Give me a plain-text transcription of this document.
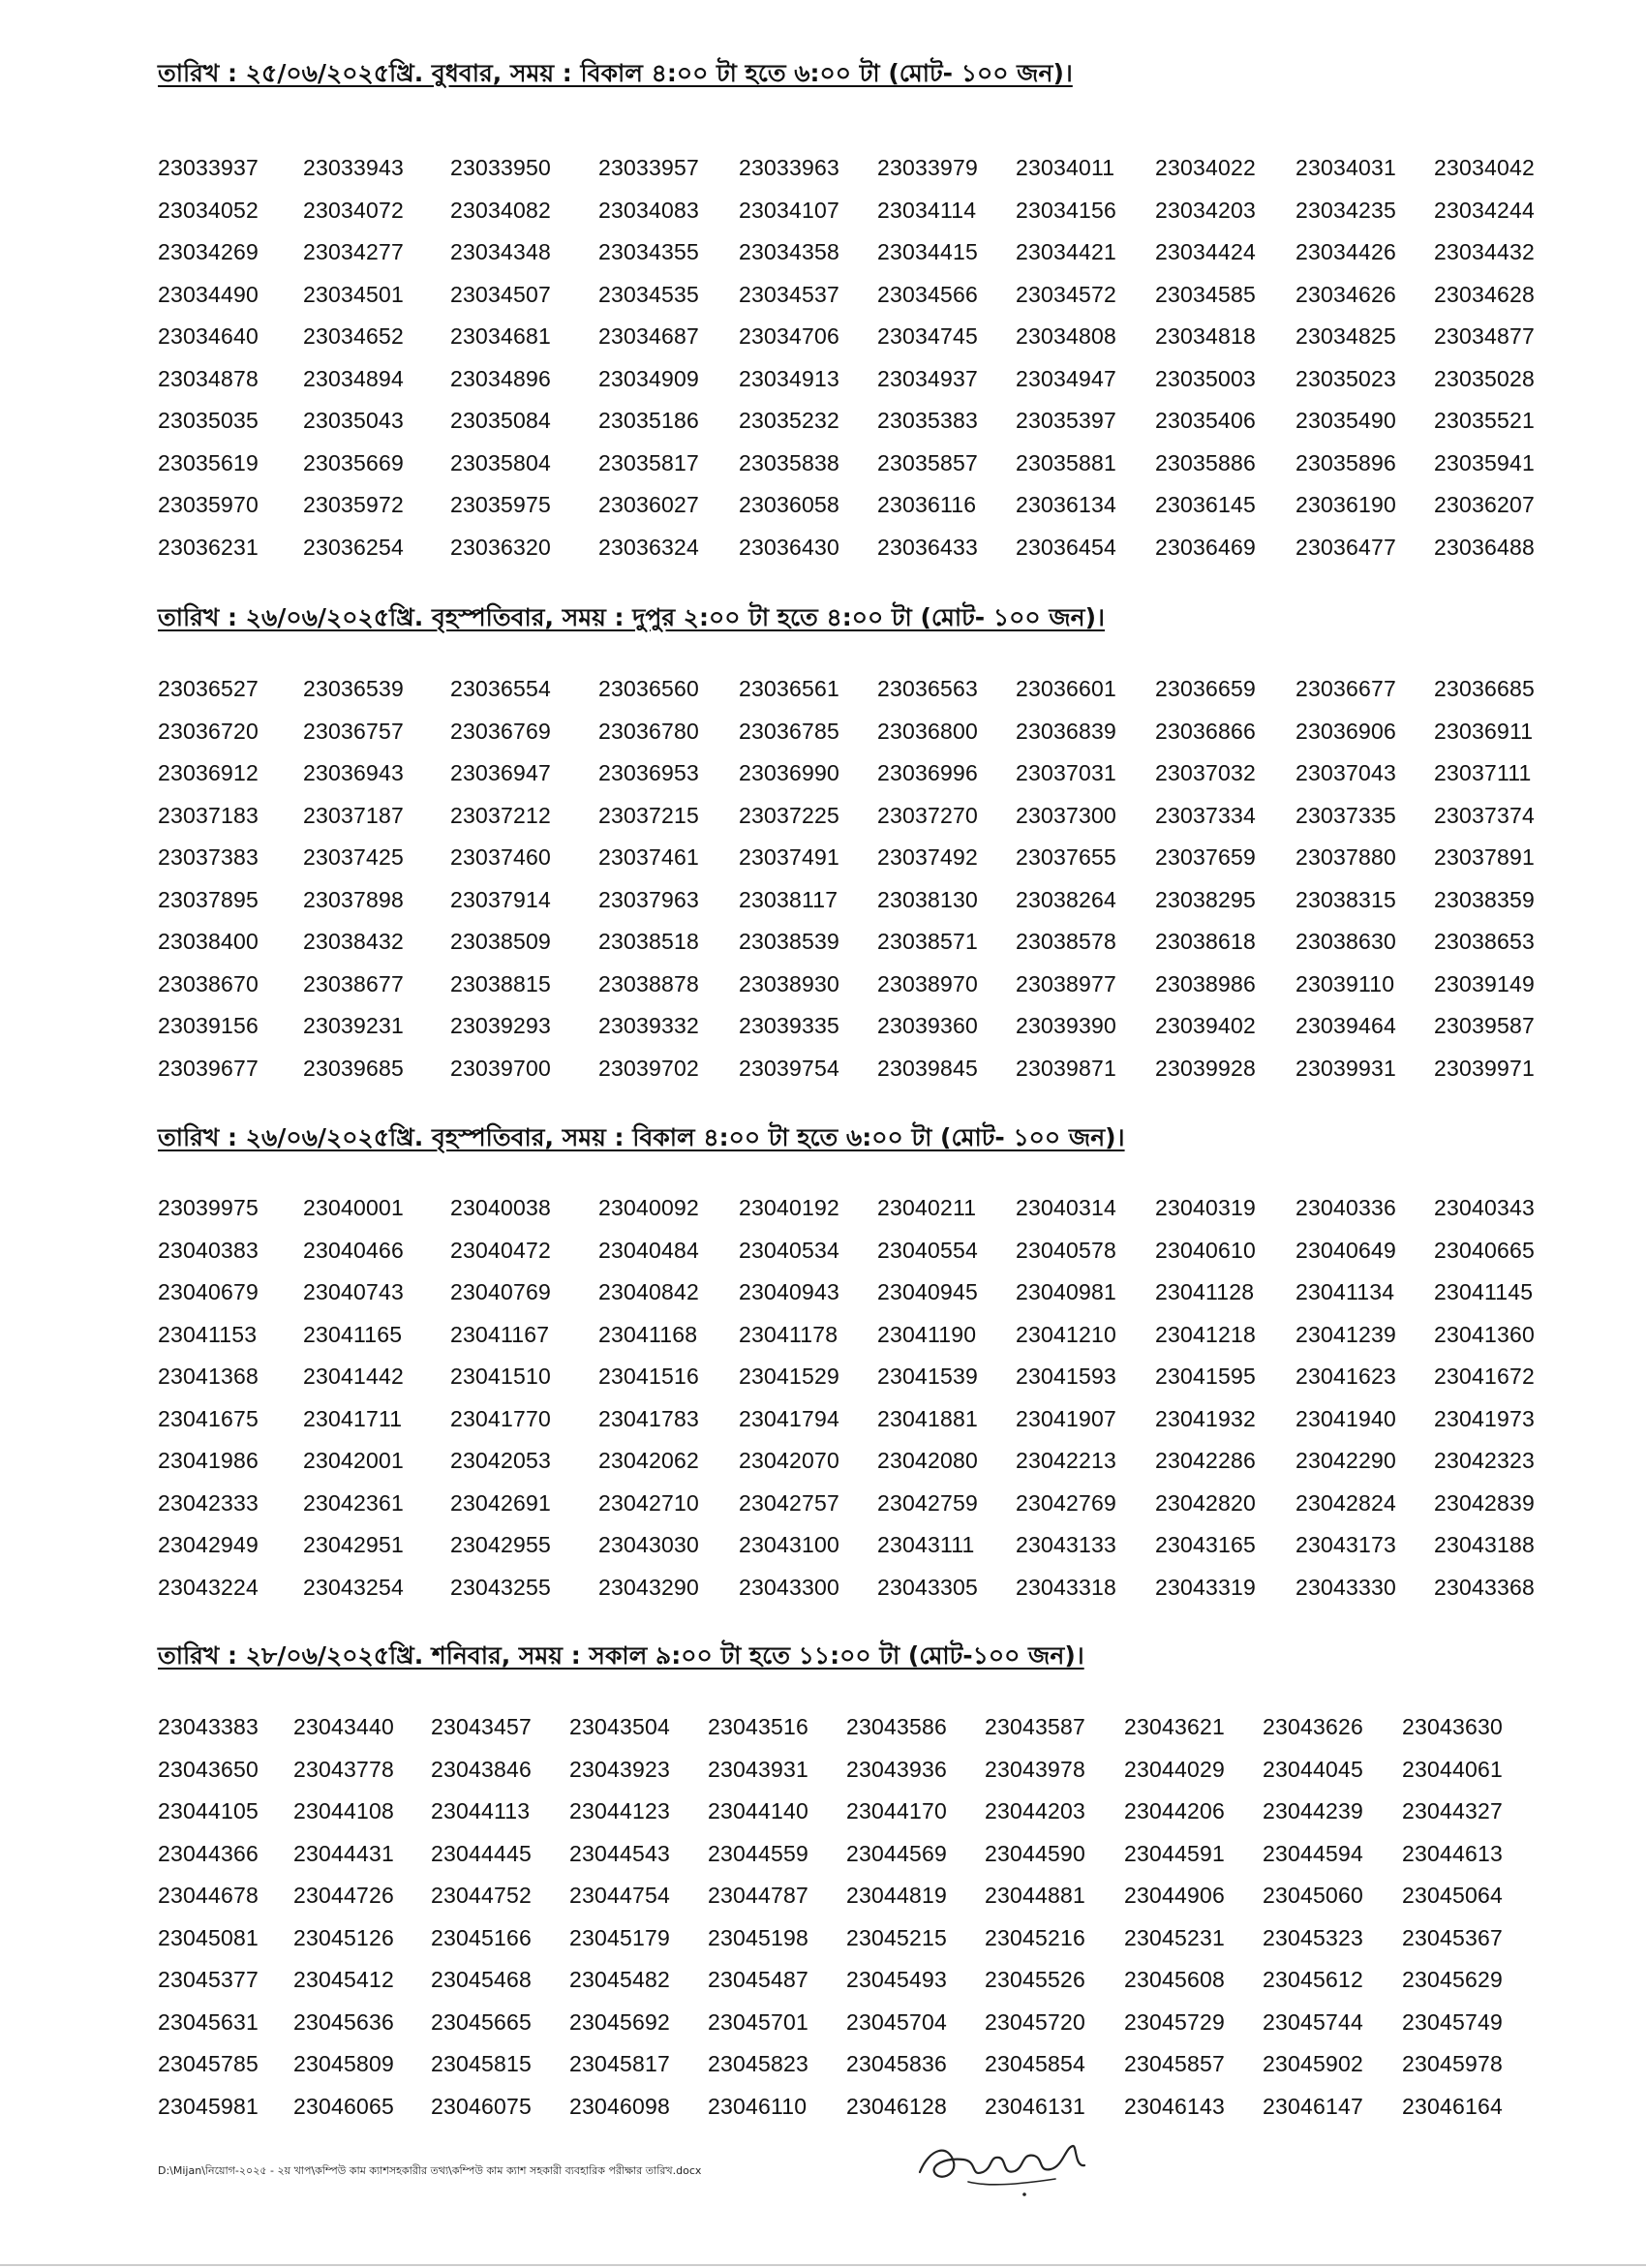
তারিখ : ২৫/০৬/২০২৫খ্রি. বুধবার, সময় : বিকাল ৪:০০ টা হতে ৬:০০ টা (মোট- ১০০ জন)।
23033937 23033943 23033950 23033957 23033963 23033979 23034011 23034022 23034031 23034042
23034052 23034072 23034082 23034083 23034107 23034114 23034156 23034203 23034235 23034244
23034269 23034277 23034348 23034355 23034358 23034415 23034421 23034424 23034426 23034432
23034490 23034501 23034507 23034535 23034537 23034566 23034572 23034585 23034626 23034628
23034640 23034652 23034681 23034687 23034706 23034745 23034808 23034818 23034825 23034877
23034878 23034894 23034896 23034909 23034913 23034937 23034947 23035003 23035023 23035028
23035035 23035043 23035084 23035186 23035232 23035383 23035397 23035406 23035490 23035521
23035619 23035669 23035804 23035817 23035838 23035857 23035881 23035886 23035896 23035941
23035970 23035972 23035975 23036027 23036058 23036116 23036134 23036145 23036190 23036207
23036231 23036254 23036320 23036324 23036430 23036433 23036454 23036469 23036477 23036488
তারিখ : ২৬/০৬/২০২৫খ্রি. বৃহস্পতিবার, সময় : দুপুর ২:০০ টা হতে ৪:০০ টা (মোট- ১০০ জন)।
23036527 23036539 23036554 23036560 23036561 23036563 23036601 23036659 23036677 23036685
23036720 23036757 23036769 23036780 23036785 23036800 23036839 23036866 23036906 23036911
23036912 23036943 23036947 23036953 23036990 23036996 23037031 23037032 23037043 23037111
23037183 23037187 23037212 23037215 23037225 23037270 23037300 23037334 23037335 23037374
23037383 23037425 23037460 23037461 23037491 23037492 23037655 23037659 23037880 23037891
23037895 23037898 23037914 23037963 23038117 23038130 23038264 23038295 23038315 23038359
23038400 23038432 23038509 23038518 23038539 23038571 23038578 23038618 23038630 23038653
23038670 23038677 23038815 23038878 23038930 23038970 23038977 23038986 23039110 23039149
23039156 23039231 23039293 23039332 23039335 23039360 23039390 23039402 23039464 23039587
23039677 23039685 23039700 23039702 23039754 23039845 23039871 23039928 23039931 23039971
তারিখ : ২৬/০৬/২০২৫খ্রি. বৃহস্পতিবার, সময় : বিকাল ৪:০০ টা হতে ৬:০০ টা (মোট- ১০০ জন)।
23039975 23040001 23040038 23040092 23040192 23040211 23040314 23040319 23040336 23040343
23040383 23040466 23040472 23040484 23040534 23040554 23040578 23040610 23040649 23040665
23040679 23040743 23040769 23040842 23040943 23040945 23040981 23041128 23041134 23041145
23041153 23041165 23041167 23041168 23041178 23041190 23041210 23041218 23041239 23041360
23041368 23041442 23041510 23041516 23041529 23041539 23041593 23041595 23041623 23041672
23041675 23041711 23041770 23041783 23041794 23041881 23041907 23041932 23041940 23041973
23041986 23042001 23042053 23042062 23042070 23042080 23042213 23042286 23042290 23042323
23042333 23042361 23042691 23042710 23042757 23042759 23042769 23042820 23042824 23042839
23042949 23042951 23042955 23043030 23043100 23043111 23043133 23043165 23043173 23043188
23043224 23043254 23043255 23043290 23043300 23043305 23043318 23043319 23043330 23043368
তারিখ : ২৮/০৬/২০২৫খ্রি. শনিবার, সময় : সকাল ৯:০০ টা হতে ১১:০০ টা (মোট-১০০ জন)।
23043383 23043440 23043457 23043504 23043516 23043586 23043587 23043621 23043626 23043630
23043650 23043778 23043846 23043923 23043931 23043936 23043978 23044029 23044045 23044061
23044105 23044108 23044113 23044123 23044140 23044170 23044203 23044206 23044239 23044327
23044366 23044431 23044445 23044543 23044559 23044569 23044590 23044591 23044594 23044613
23044678 23044726 23044752 23044754 23044787 23044819 23044881 23044906 23045060 23045064
23045081 23045126 23045166 23045179 23045198 23045215 23045216 23045231 23045323 23045367
23045377 23045412 23045468 23045482 23045487 23045493 23045526 23045608 23045612 23045629
23045631 23045636 23045665 23045692 23045701 23045704 23045720 23045729 23045744 23045749
23045785 23045809 23045815 23045817 23045823 23045836 23045854 23045857 23045902 23045978
23045981 23046065 23046075 23046098 23046110 23046128 23046131 23046143 23046147 23046164
D:\Mijan\নিয়োগ-২০২৫ - ২য় খাপ\কম্পিউ কাম ক্যাশসহকারীর তথ্য\কম্পিউ কাম ক্যাশ সহকারী ব্যবহারিক পরীক্ষার তারিখ.docx
